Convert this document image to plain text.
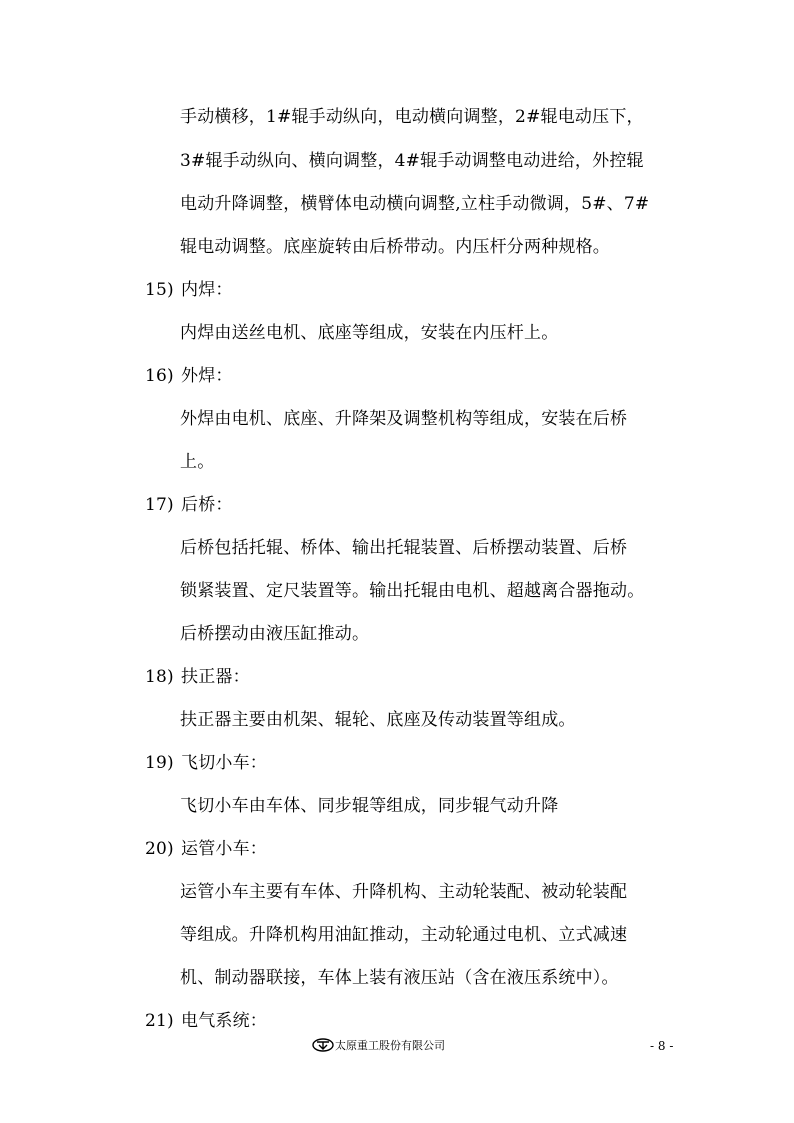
手动横移，1#辊手动纵向，电动横向调整，2#辊电动压下，
3#辊手动纵向、横向调整，4#辊手动调整电动进给，外控辊
电动升降调整，横臂体电动横向调整,立柱手动微调，5#、7#
辊电动调整。底座旋转由后桥带动。内压杆分两种规格。
15) 内焊：
内焊由送丝电机、底座等组成，安装在内压杆上。
16) 外焊：
外焊由电机、底座、升降架及调整机构等组成，安装在后桥
上。
17) 后桥：
后桥包括托辊、桥体、输出托辊装置、后桥摆动装置、后桥
锁紧装置、定尺装置等。输出托辊由电机、超越离合器拖动。
后桥摆动由液压缸推动。
18) 扶正器：
扶正器主要由机架、辊轮、底座及传动装置等组成。
19) 飞切小车：
飞切小车由车体、同步辊等组成，同步辊气动升降
20) 运管小车：
运管小车主要有车体、升降机构、主动轮装配、被动轮装配
等组成。升降机构用油缸推动，主动轮通过电机、立式减速
机、制动器联接，车体上装有液压站（含在液压系统中）。
21) 电气系统：
太原重工股份有限公司	- 8 -
